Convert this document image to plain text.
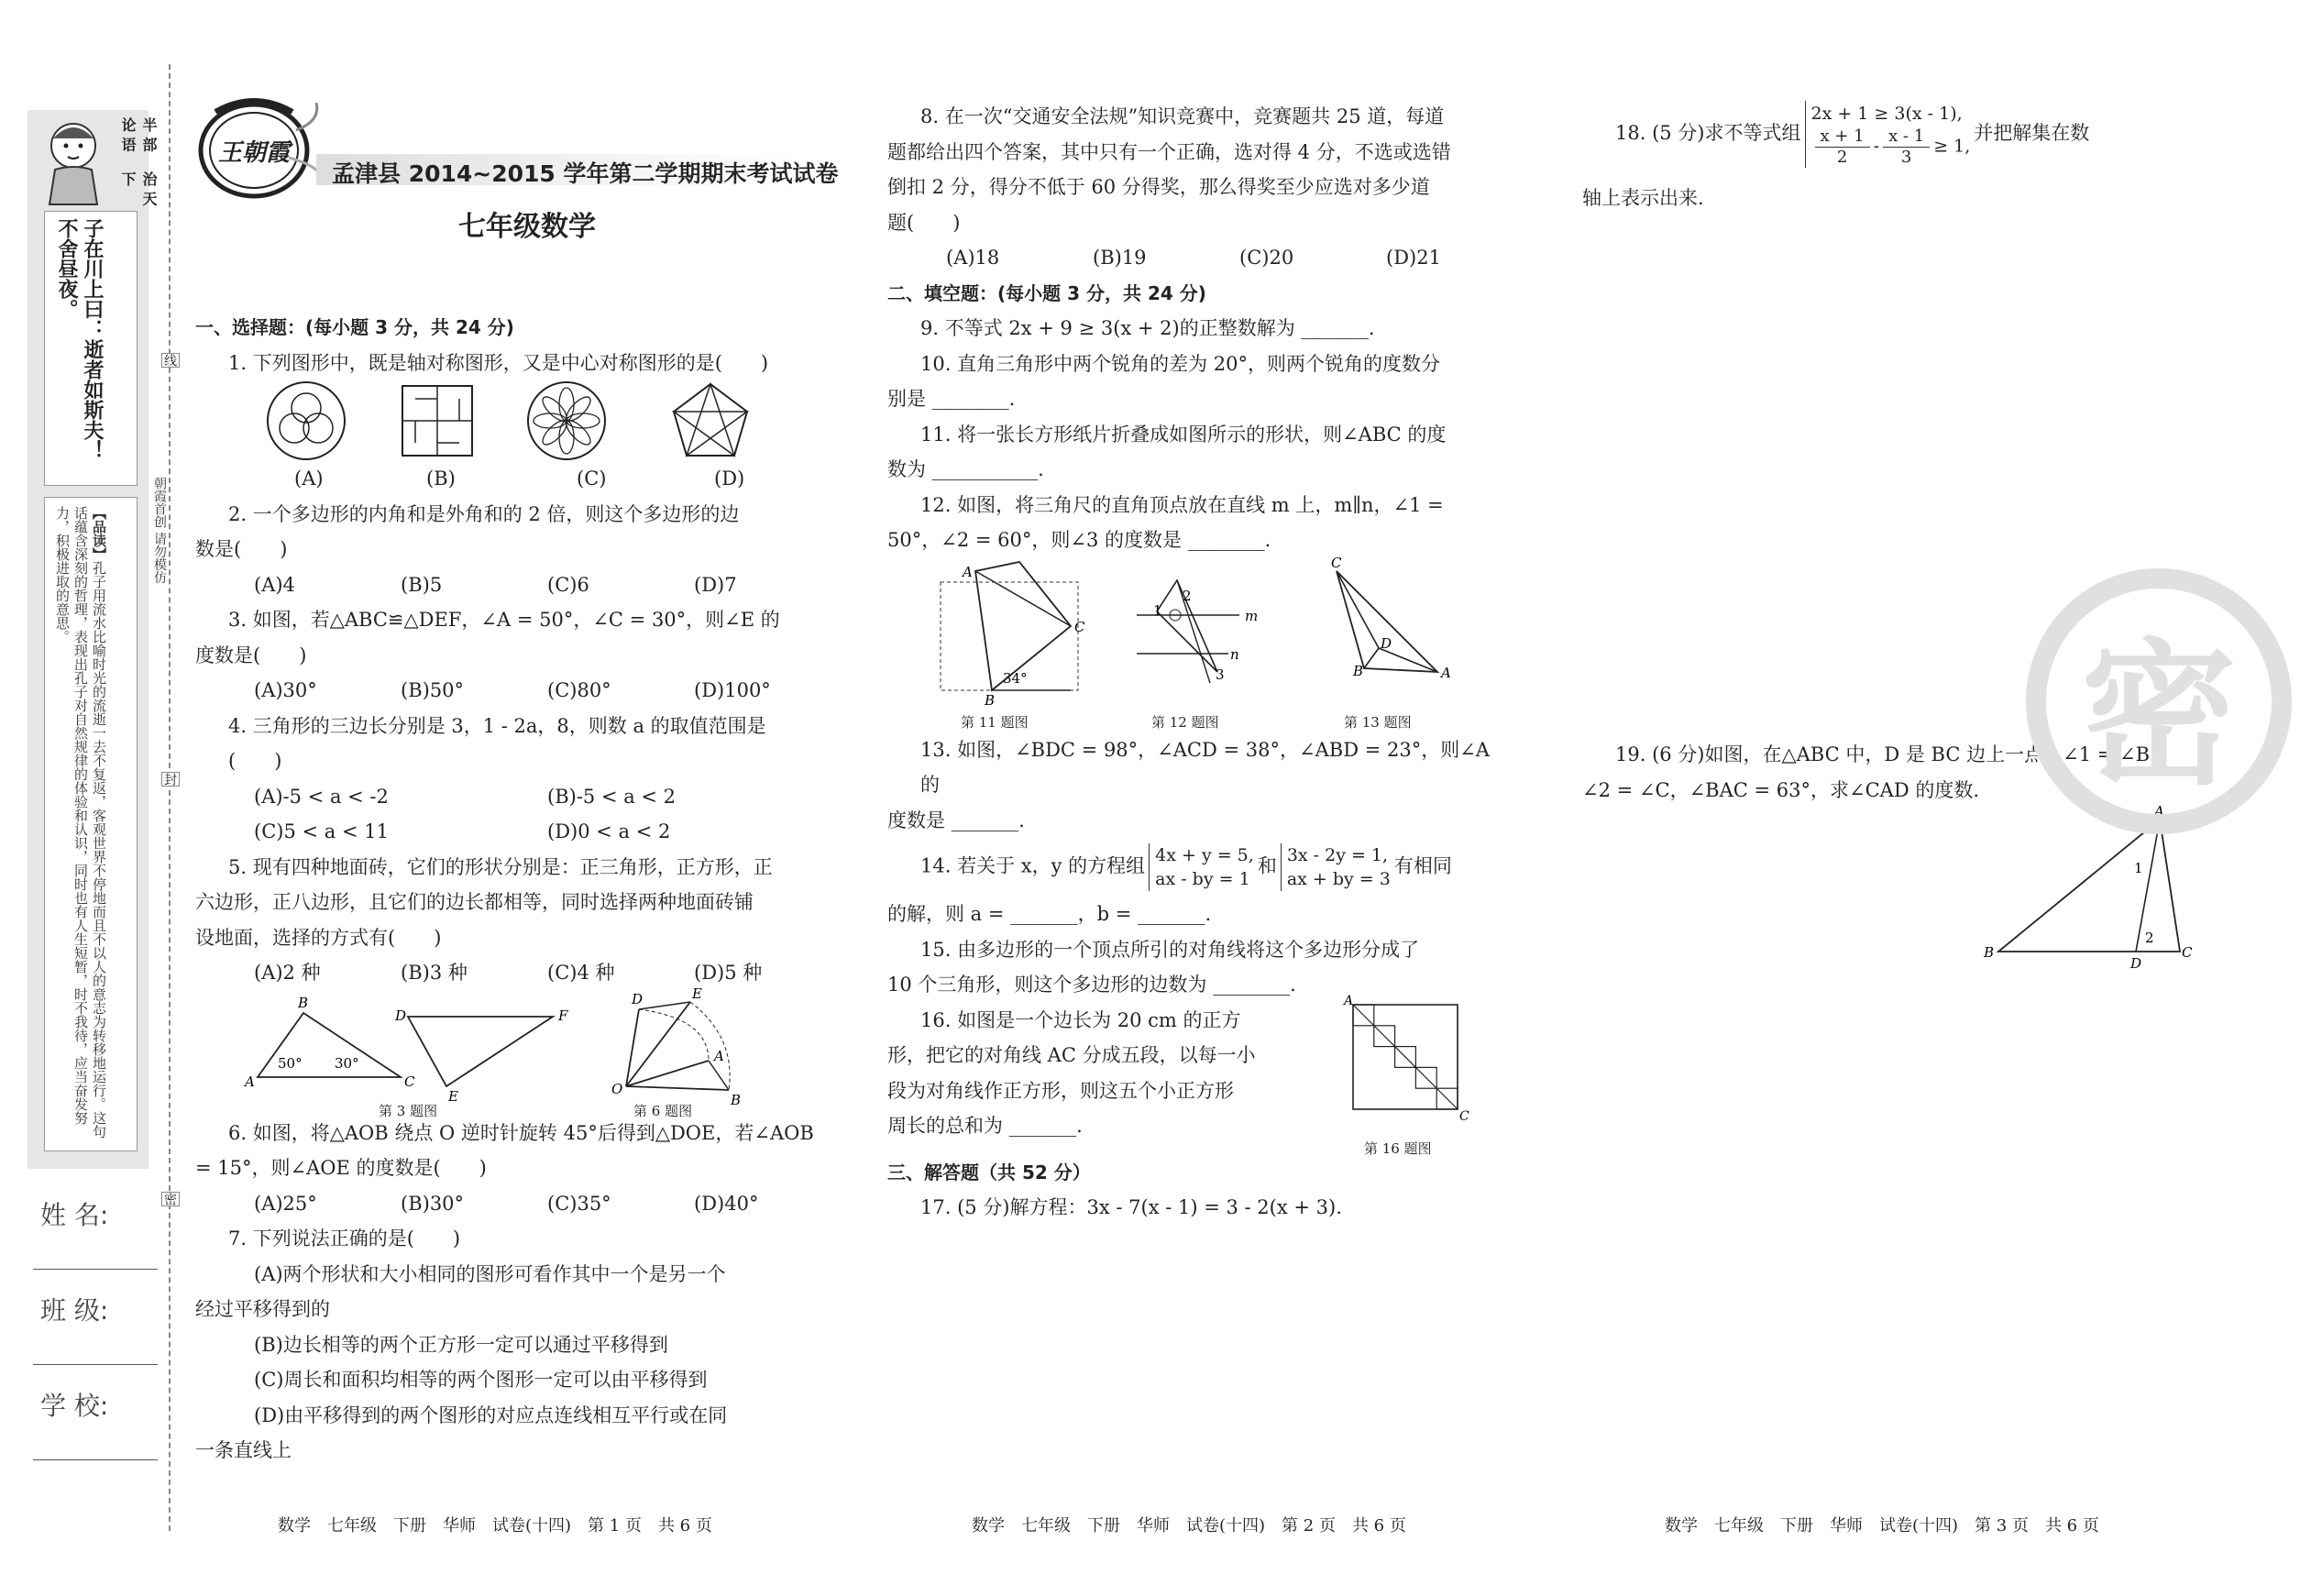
半 部 论 语
治 天 下
子在川上曰：逝者如斯夫！
不舍昼夜。
【品读】孔子用流水比喻时光的流逝一去不复返，客观世界不停地而且不以人的意志为转移地运行。这句话蕴含深刻的哲理，表现出孔子对自然规律的体验和认识，同时也有人生短暂，时不我待，应当奋发努力，积极进取的意思。
线
封
密
朝霞首创 请勿模仿
姓 名:
班 级:
学 校:
王朝霞
孟津县 2014~2015 学年第二学期期末考试试卷
七年级数学

一、选择题：(每小题 3 分，共 24 分)

1. 下列图形中，既是轴对称图形，又是中心对称图形的是(　　)

(A)	(B)	(C)	(D)

2. 一个多边形的内角和是外角和的 2 倍，则这个多边形的边

数是(　　)

(A)4	(B)5	(C)6	(D)7

3. 如图，若△ABC≌△DEF，∠A = 50°，∠C = 30°，则∠E 的

度数是(　　)

(A)30°	(B)50°	(C)80°	(D)100°

4. 三角形的三边长分别是 3，1 - 2a，8，则数 a 的取值范围是(　　)

(A)-5 < a < -2	(B)-5 < a < 2
(C)5 < a < 11	(D)0 < a < 2

5. 现有四种地面砖，它们的形状分别是：正三角形，正方形，正

六边形，正八边形，且它们的边长都相等，同时选择两种地面砖铺

设地面，选择的方式有(　　)

(A)2 种	(B)3 种	(C)4 种	(D)5 种
A
B
C
50° 30°
D	F
E	O
D	E
A
B
第 3 题图	第 6 题图

6. 如图，将△AOB 绕点 O 逆时针旋转 45°后得到△DOE，若∠AOB

= 15°，则∠AOE 的度数是(　　)

(A)25°	(B)30°	(C)35°	(D)40°

7. 下列说法正确的是(　　)

(A)两个形状和大小相同的图形可看作其中一个是另一个

经过平移得到的

(B)边长相等的两个正方形一定可以通过平移得到

(C)周长和面积均相等的两个图形一定可以由平移得到

(D)由平移得到的两个图形的对应点连线相互平行或在同

一条直线上

数学　七年级　下册　华师　试卷(十四)　第 1 页　共 6 页

8. 在一次“交通安全法规”知识竞赛中，竞赛题共 25 道，每道

题都给出四个答案，其中只有一个正确，选对得 4 分，不选或选错

倒扣 2 分，得分不低于 60 分得奖，那么得奖至少应选对多少道

题(　　)

(A)18	(B)19	(C)20	(D)21

二、填空题：(每小题 3 分，共 24 分)

9. 不等式 2x + 9 ≥ 3(x + 2)的正整数解为 _______.

10. 直角三角形中两个锐角的差为 20°，则两个锐角的度数分

别是 ________.

11. 将一张长方形纸片折叠成如图所示的形状，则∠ABC 的度

数为 ___________.

12. 如图，将三角尺的直角顶点放在直线 m 上，m∥n，∠1 =

50°，∠2 = 60°，则∠3 的度数是 ________.

A
C
B
34°
m
n
1
2
3
C
B
D
A
第 11 题图	第 12 题图	第 13 题图

13. 如图，∠BDC = 98°，∠ACD = 38°，∠ABD = 23°，则∠A 的

度数是 _______.

14. 若关于 x，y 的方程组 4x + y = 5,
ax - by = 1和 3x - 2y = 1,
ax + by = 3有相同

的解，则 a = _______，b = _______.

15. 由多边形的一个顶点所引的对角线将这个多边形分成了

10 个三角形，则这个多边形的边数为 ________.

16. 如图是一个边长为 20 cm 的正方

形，把它的对角线 AC 分成五段，以每一小

段为对角线作正方形，则这五个小正方形

周长的总和为 _______.

A
C
第 16 题图

三、解答题（共 52 分）

17. (5 分)解方程：3x - 7(x - 1) = 3 - 2(x + 3).

数学　七年级　下册　华师　试卷(十四)　第 2 页　共 6 页
18. (5 分)求不等式组2x + 1 ≥ 3(x - 1),

$\frac{x + 1}{2} - \frac{x - 1}{3} \ge 1$,并把解集在数

轴上表示出来.

19. (6 分)如图，在△ABC 中，D 是 BC 边上一点，∠1 = ∠B，

∠2 = ∠C，∠BAC = 63°，求∠CAD 的度数.

B
A
C
D
1
2
数学　七年级　下册　华师　试卷(十四)　第 3 页　共 6 页
密
